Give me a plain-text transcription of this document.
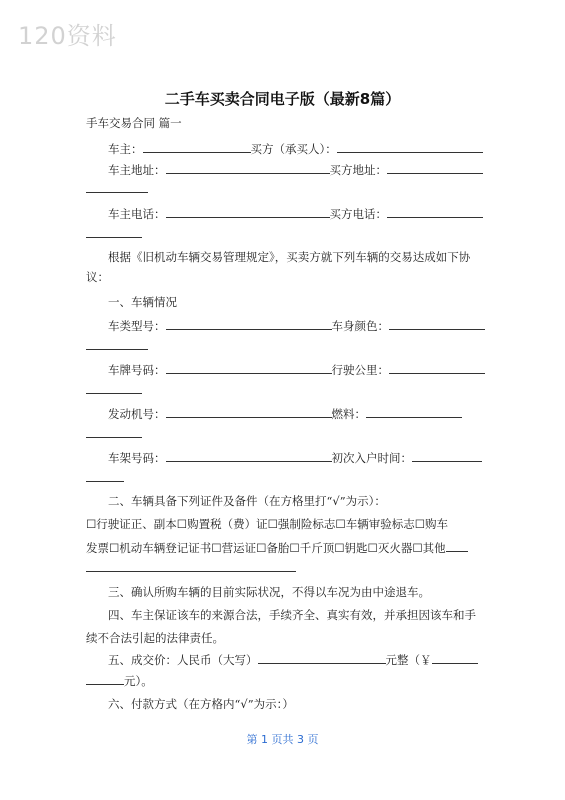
120资料
二手车买卖合同电子版（最新8篇）
手车交易合同 篇一
车主：	买方（承买人）：
车主地址：	买方地址：
车主电话：	买方电话：
根据《旧机动车辆交易管理规定》，买卖方就下列车辆的交易达成如下协
议：
一、车辆情况
车类型号：	车身颜色：
车牌号码：	行驶公里：
发动机号：	燃料：
车架号码：	初次入户时间：
二、车辆具备下列证件及备件（在方格里打“√”为示）：
☐行驶证正、副本☐购置税（费）证☐强制险标志☐车辆审验标志☐购车
发票☐机动车辆登记证书☐营运证☐备胎☐千斤顶☐钥匙☐灭火器☐其他
三、确认所购车辆的目前实际状况，不得以车况为由中途退车。
四、车主保证该车的来源合法，手续齐全、真实有效，并承担因该车和手
续不合法引起的法律责任。
五、成交价：人民币（大写）	元整（￥
元）。
六、付款方式（在方格内“√”为示：）
第 1 页共 3 页
